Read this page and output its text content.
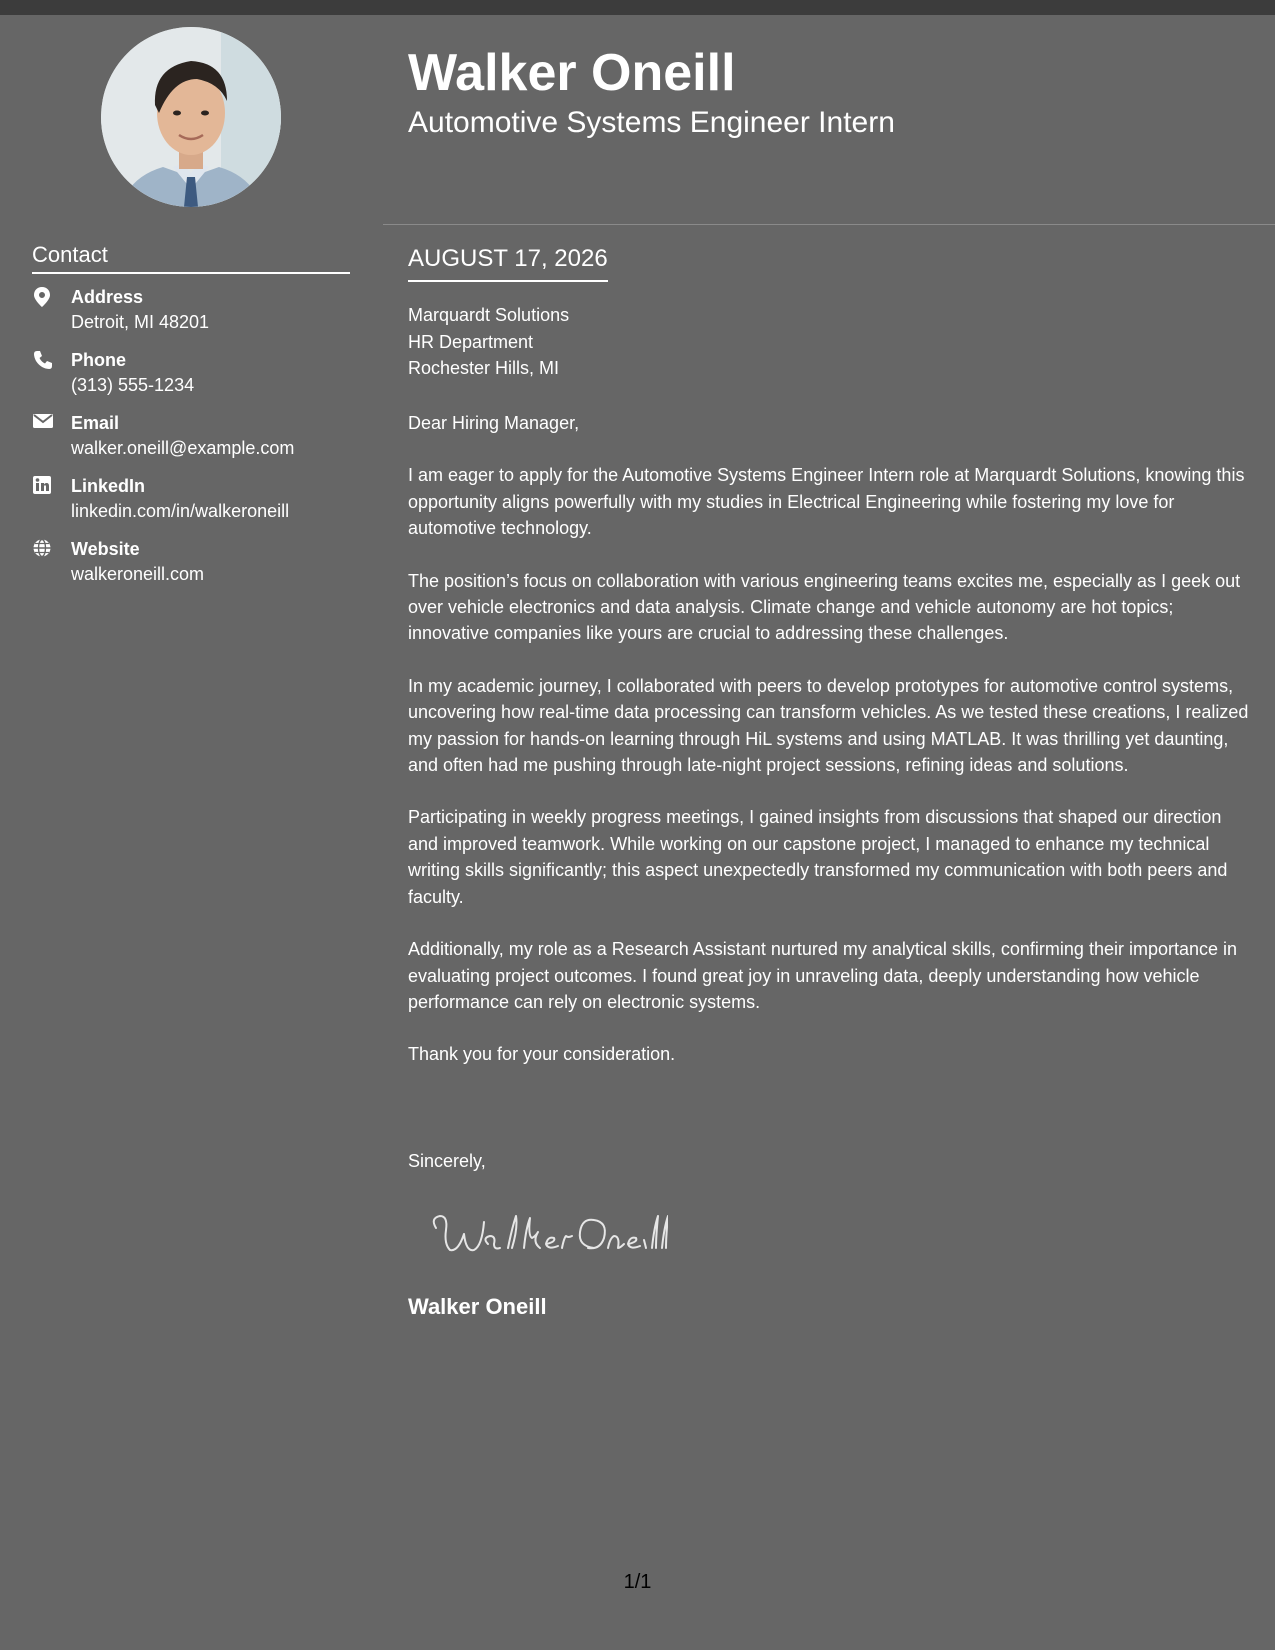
Walker Oneill
Automotive Systems Engineer Intern
Contact
Address
Detroit, MI 48201
Phone
(313) 555-1234
Email
walker.oneill@example.com
LinkedIn
linkedin.com/in/walkeroneill
Website
walkeroneill.com
AUGUST 17, 2026
Marquardt Solutions
HR Department
Rochester Hills, MI

Dear Hiring Manager,

I am eager to apply for the Automotive Systems Engineer Intern role at Marquardt Solutions, knowing this opportunity aligns powerfully with my studies in Electrical Engineering while fostering my love for automotive technology.

The position’s focus on collaboration with various engineering teams excites me, especially as I geek out over vehicle electronics and data analysis. Climate change and vehicle autonomy are hot topics; innovative companies like yours are crucial to addressing these challenges.

In my academic journey, I collaborated with peers to develop prototypes for automotive control systems, uncovering how real-time data processing can transform vehicles. As we tested these creations, I realized my passion for hands-on learning through HiL systems and using MATLAB. It was thrilling yet daunting, and often had me pushing through late-night project sessions, refining ideas and solutions.

Participating in weekly progress meetings, I gained insights from discussions that shaped our direction and improved teamwork. While working on our capstone project, I managed to enhance my technical writing skills significantly; this aspect unexpectedly transformed my communication with both peers and faculty.

Additionally, my role as a Research Assistant nurtured my analytical skills, confirming their importance in evaluating project outcomes. I found great joy in unraveling data, deeply understanding how vehicle performance can rely on electronic systems.

Thank you for your consideration.

Sincerely,
Walker Oneill
1/1
